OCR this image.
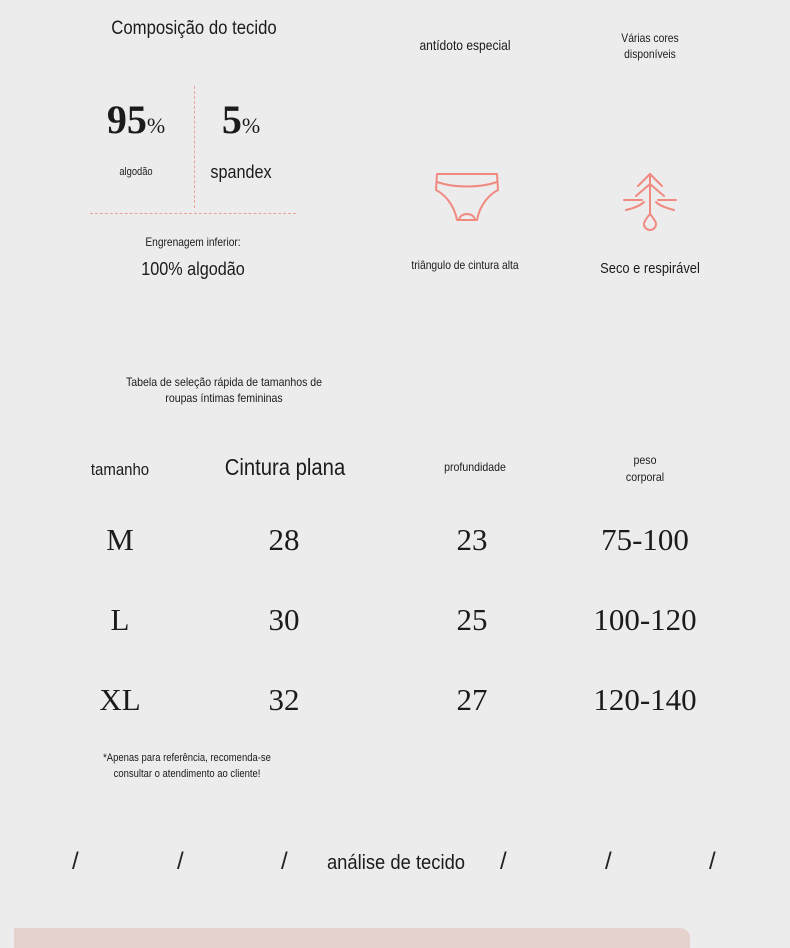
Composição do tecido
95% 5%
algodão	spandex
Engrenagem inferior:
100% algodão
antídoto especial	Várias cores
disponíveis
triângulo de cintura alta	Seco e respirável
Tabela de seleção rápida de tamanhos de roupas íntimas femininas
tamanho	Cintura plana	profundidade	peso
corporal
M	28	23	75-100
L	30	25	100-120
XL	32	27	120-140
*Apenas para referência, recomenda-se consultar o atendimento ao cliente!
/	/	/ análise de tecido /	/	/
